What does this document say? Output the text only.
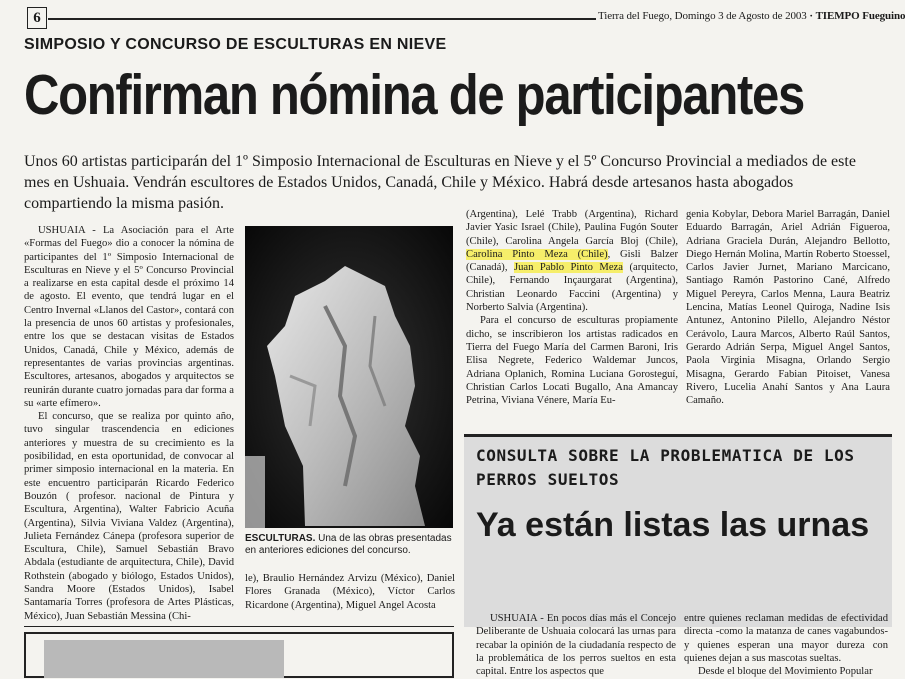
6	Tierra del Fuego, Domingo 3 de Agosto de 2003 · TIEMPO Fueguino
SIMPOSIO Y CONCURSO DE ESCULTURAS EN NIEVE
Confirman nómina de participantes
Unos 60 artistas participarán del 1º Simposio Internacional de Esculturas en Nieve y el 5º Concurso Provincial a mediados de este mes en Ushuaia. Vendrán escultores de Estados Unidos, Canadá, Chile y México. Habrá desde artesanos hasta abogados compartiendo la misma pasión.

USHUAIA - La Asociación para el Arte «Formas del Fuego» dio a conocer la nómina de participantes del 1º Simposio Internacional de Esculturas en Nieve y el 5º Concurso Provincial a realizarse en esta capital desde el próximo 14 de agosto. El evento, que tendrá lugar en el Centro Invernal «Llanos del Castor», contará con la presencia de unos 60 artistas y profesionales, entre los que se destacan visitas de Estados Unidos, Canadá, Chile y México, además de representantes de varias provincias argentinas. Escultores, artesanos, abogados y arquitectos se reunirán durante cuatro jornadas para dar forma a su «arte efímero».

El concurso, que se realiza por quinto año, tuvo singular trascendencia en ediciones anteriores y muestra de su crecimiento es la posibilidad, en esta oportunidad, de convocar al primer simposio internacional en la materia. En este encuentro participarán Ricardo Federico Bouzón ( profesor. nacional de Pintura y Escultura, Argentina), Walter Fabricio Acuña (Argentina), Silvia Viviana Valdez (Argentina), Julieta Fernández Cánepa (profesora superior de Escultura, Chile), Samuel Sebastián Bravo Abdala (estudiante de arquitectura, Chile), David Rothstein (abogado y biólogo, Estados Unidos), Sandra Moore (Estados Unidos), Isabel Santamaría Torres (profesora de Artes Plásticas, México), Juan Sebastián Messina (Chi-

ESCULTURAS. Una de las obras presentadas en anteriores ediciones del concurso.

le), Braulio Hernández Arvizu (México), Daniel Flores Granada (México), Víctor Carlos Ricardone (Argentina), Miguel Angel Acosta

(Argentina), Lelé Trabb (Argentina), Richard Javier Yasic Israel (Chile), Paulina Fugón Souter (Chile), Carolina Angela García Bloj (Chile), Carolina Pinto Meza (Chile), Gisli Balzer (Canadá), Juan Pablo Pinto Meza (arquitecto, Chile), Fernando Inçaurgarat (Argentina), Christian Leonardo Faccini (Argentina) y Norberto Salvia (Argentina).

Para el concurso de esculturas propiamente dicho, se inscribieron los artistas radicados en Tierra del Fuego María del Carmen Baroni, Iris Elisa Negrete, Federico Waldemar Juncos, Adriana Oplanich, Romina Luciana Gorosteguí, Christian Carlos Locati Bugallo, Ana Amancay Petrina, Viviana Vénere, María Eu-

genia Kobylar, Debora Mariel Barragán, Daniel Eduardo Barragán, Ariel Adrián Figueroa, Adriana Graciela Durán, Alejandro Bellotto, Diego Hernán Molina, Martín Roberto Stoessel, Carlos Javier Jurnet, Mariano Marcicano, Santiago Ramón Pastorino Cané, Alfredo Miguel Pereyra, Carlos Menna, Laura Beatriz Lencina, Matías Leonel Quiroga, Nadine Isis Antunez, Antonino Pilello, Alejandro Néstor Cerávolo, Laura Marcos, Alberto Raúl Santos, Gerardo Adrián Serpa, Miguel Angel Santos, Paola Virginia Misagna, Orlando Sergio Misagna, Gerardo Fabian Pitoiset, Vanesa Rivero, Lucelia Anahí Santos y Ana Laura Camaño.

CONSULTA SOBRE LA PROBLEMATICA DE LOS PERROS SUELTOS
Ya están listas las urnas

USHUAIA - En pocos días más el Concejo Deliberante de Ushuaia colocará las urnas para recabar la opinión de la ciudadanía respecto de la problemática de los perros sueltos en esta capital. Entre los aspectos que

entre quienes reclaman medidas de efectividad directa -como la matanza de canes vagabundos- y quienes esperan una mayor dureza con quienes dejan a sus mascotas sueltas.

Desde el bloque del Movimiento Popular
